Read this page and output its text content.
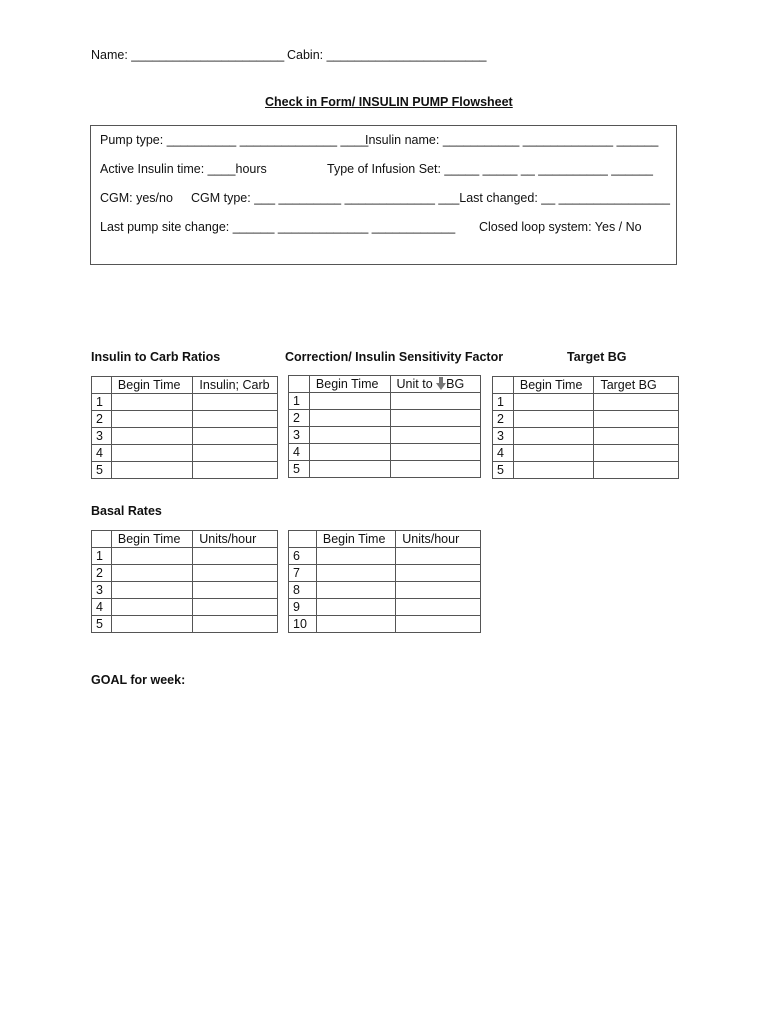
Name: ______________________ Cabin: _______________________
Check in Form/ INSULIN PUMP Flowsheet
Pump type: __________ ______________ ____
Insulin name: ___________ _____________ ______
Active Insulin time: ____hours	Type of Infusion Set: _____ _____ __ __________ ______
CGM: yes/no CGM type: ___ _________ _____________ ___Last changed: __ ________________
Last pump site change: ______ _____________ ____________ Closed loop system: Yes / No
Insulin to Carb Ratios	Correction/ Insulin Sensitivity Factor	Target BG
	Begin Time	Insulin; Carb
1		
2		
3		
4		
5		
	Begin Time	Unit to BG
1		
2		
3		
4		
5		
	Begin Time	Target BG
1		
2		
3		
4		
5		
Basal Rates
	Begin Time	Units/hour
1		
2		
3		
4		
5		
	Begin Time	Units/hour
6		
7		
8		
9		
10		
GOAL for week:
